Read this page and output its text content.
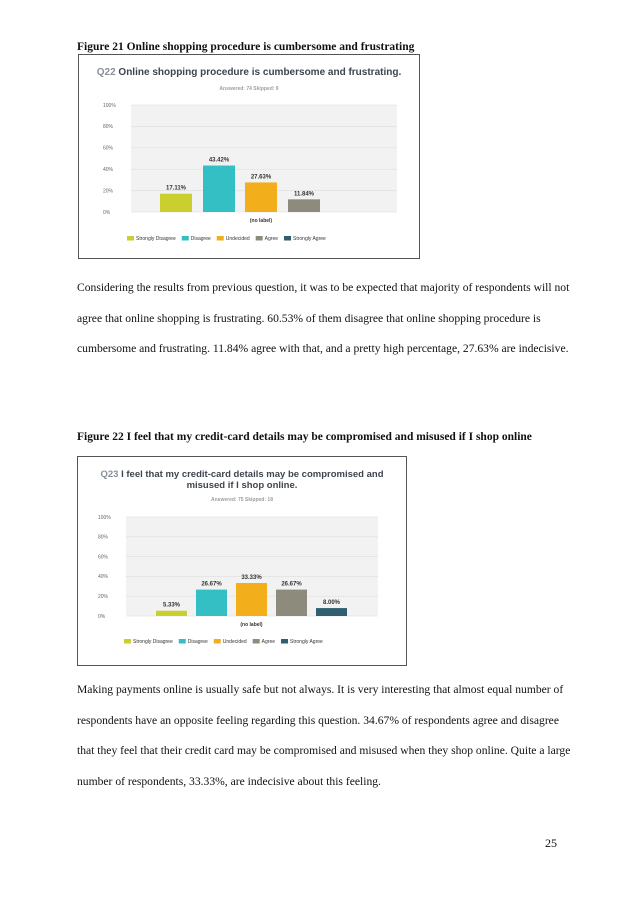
Figure 21 Online shopping procedure is cumbersome and frustrating
Q22 Online shopping procedure is cumbersome and frustrating.
Answered: 74 Skipped: 9
100%
80%
60%
40%
20%
0%
17.11%
43.42%
27.63%
11.84%
(no label)
Strongly Disagree	Disagree	Undecided	Agree	Strongly Agree

Considering the results from previous question, it was to be expected that majority of respondents will not agree that online shopping is frustrating. 60.53% of them disagree that online shopping procedure is cumbersome and frustrating. 11.84% agree with that, and a pretty high percentage, 27.63% are indecisive.

Figure 22 I feel that my credit-card details may be compromised and misused if I shop online
Q23 I feel that my credit-card details may be compromised and
misused if I shop online.
Answered: 75 Skipped: 18
100%
80%
60%
40%
20%
0%
5.33%
26.67%
33.33%
26.67%
8.00%
(no label)
Strongly Disagree	Disagree	Undecided	Agree	Strongly Agree

Making payments online is usually safe but not always. It is very interesting that almost equal number of respondents have an opposite feeling regarding this question. 34.67% of respondents agree and disagree that they feel that their credit card may be compromised and misused when they shop online. Quite a large number of respondents, 33.33%, are indecisive about this feeling.

25
